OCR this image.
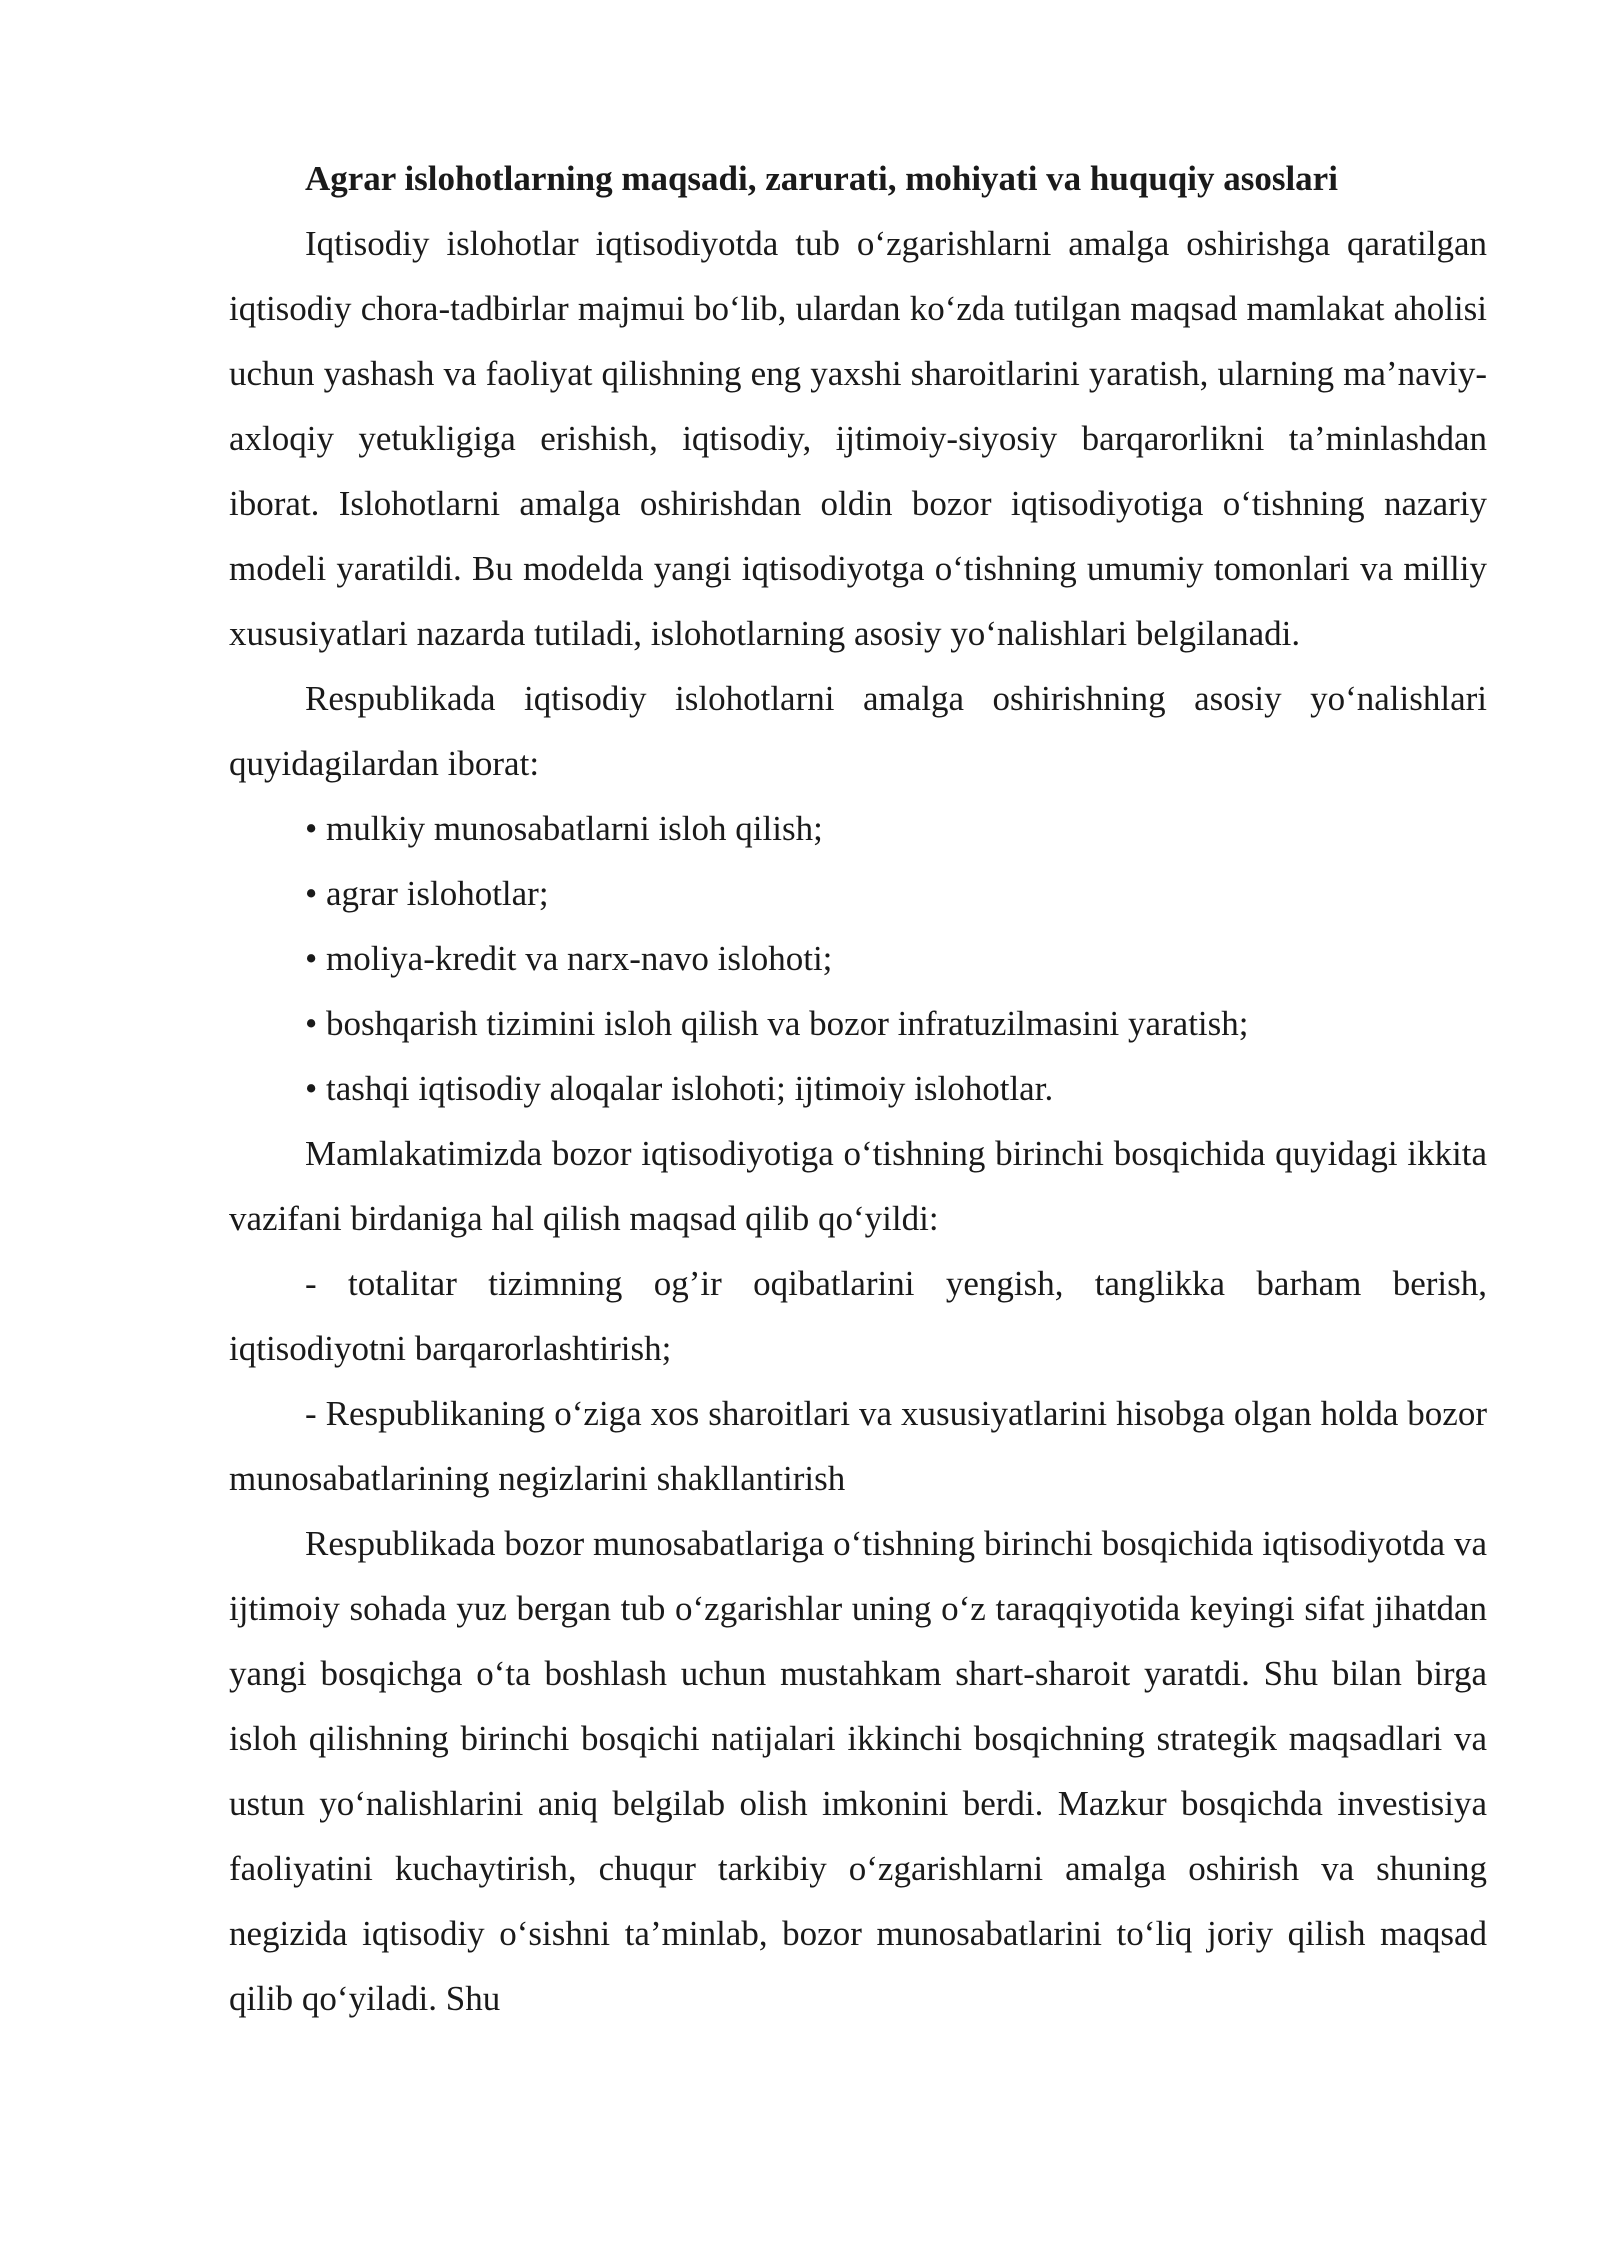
Agrar islohotlarning maqsadi, zarurati, mohiyati va huquqiy asoslari

Iqtisodiy islohotlar iqtisodiyotda tub o‘zgarishlarni amalga oshirishga qaratilgan iqtisodiy chora-tadbirlar majmui bo‘lib, ulardan ko‘zda tutilgan maqsad mamlakat aholisi uchun yashash va faoliyat qilishning eng yaxshi sharoitlarini yaratish, ularning ma’naviy-axloqiy yetukligiga erishish, iqtisodiy, ijtimoiy-siyosiy barqarorlikni ta’minlashdan iborat. Islohotlarni amalga oshirishdan oldin bozor iqtisodiyotiga o‘tishning nazariy modeli yaratildi. Bu modelda yangi iqtisodiyotga o‘tishning umumiy tomonlari va milliy xususiyatlari nazarda tutiladi, islohotlarning asosiy yo‘nalishlari belgilanadi.

Respublikada iqtisodiy islohotlarni amalga oshirishning asosiy yo‘nalishlari quyidagilardan iborat:

• mulkiy munosabatlarni isloh qilish;

• agrar islohotlar;

• moliya-kredit va narx-navo islohoti;

• boshqarish tizimini isloh qilish va bozor infratuzilmasini yaratish;

• tashqi iqtisodiy aloqalar islohoti; ijtimoiy islohotlar.

Mamlakatimizda bozor iqtisodiyotiga o‘tishning birinchi bosqichida quyidagi ikkita vazifani birdaniga hal qilish maqsad qilib qo‘yildi:

- totalitar tizimning og’ir oqibatlarini yengish, tanglikka barham berish, iqtisodiyotni barqarorlashtirish;

- Respublikaning o‘ziga xos sharoitlari va xususiyatlarini hisobga olgan holda bozor munosabatlarining negizlarini shakllantirish

Respublikada bozor munosabatlariga o‘tishning birinchi bosqichida iqtisodiyotda va ijtimoiy sohada yuz bergan tub o‘zgarishlar uning o‘z taraqqiyotida keyingi sifat jihatdan yangi bosqichga o‘ta boshlash uchun mustahkam shart-sharoit yaratdi. Shu bilan birga isloh qilishning birinchi bosqichi natijalari ikkinchi bosqichning strategik maqsadlari va ustun yo‘nalishlarini aniq belgilab olish imkonini berdi. Mazkur bosqichda investisiya faoliyatini kuchaytirish, chuqur tarkibiy o‘zgarishlarni amalga oshirish va shuning negizida iqtisodiy o‘sishni ta’minlab, bozor munosabatlarini to‘liq joriy qilish maqsad qilib qo‘yiladi. Shu
